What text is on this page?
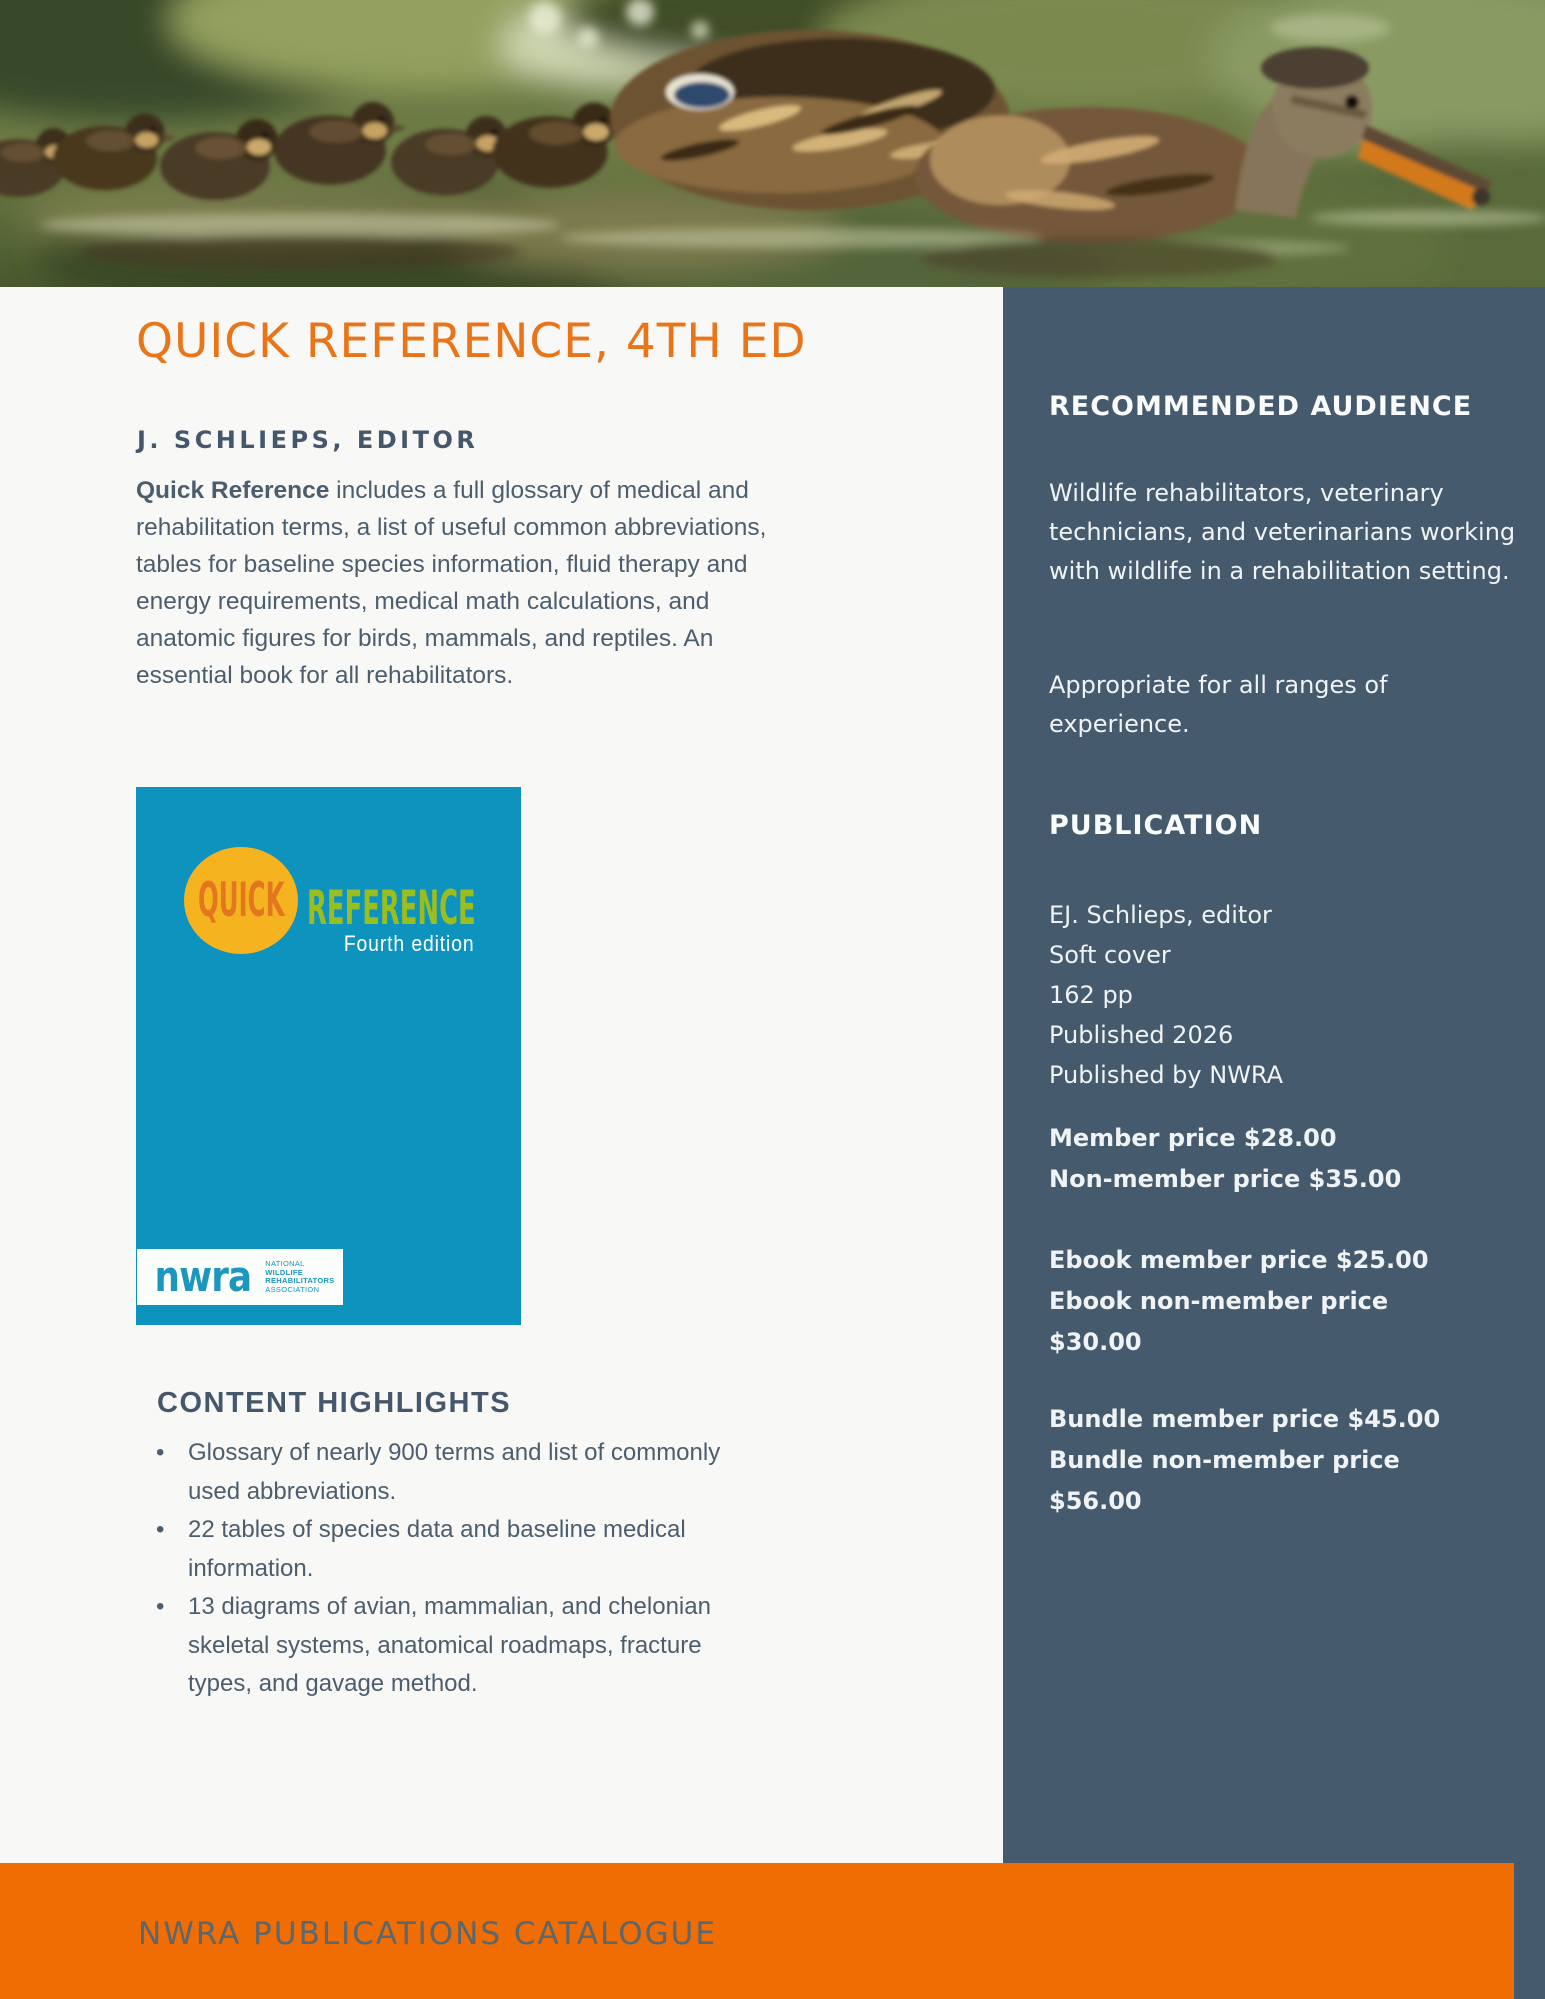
QUICK REFERENCE, 4TH ED
J. SCHLIEPS, EDITOR
Quick Reference includes a full glossary of medical and rehabilitation terms, a list of useful common abbreviations, tables for baseline species information, fluid therapy and energy requirements, medical math calculations, and anatomic figures for birds, mammals, and reptiles. An essential book for all rehabilitators.
QUICK REFERENCE
Fourth edition
nwra NATIONAL
WILDLIFE
REHABILITATORS
ASSOCIATION
CONTENT HIGHLIGHTS
• Glossary of nearly 900 terms and list of commonly used abbreviations.
• 22 tables of species data and baseline medical information.
• 13 diagrams of avian, mammalian, and chelonian skeletal systems, anatomical roadmaps, fracture types, and gavage method.
RECOMMENDED AUDIENCE
Wildlife rehabilitators, veterinary technicians, and veterinarians working with wildlife in a rehabilitation setting.
Appropriate for all ranges of experience.
PUBLICATION
EJ. Schlieps, editor
Soft cover
162 pp
Published 2026
Published by NWRA
Member price $28.00
Non-member price $35.00
Ebook member price $25.00
Ebook non-member price $30.00
Bundle member price $45.00
Bundle non-member price $56.00
NWRA PUBLICATIONS CATALOGUE
